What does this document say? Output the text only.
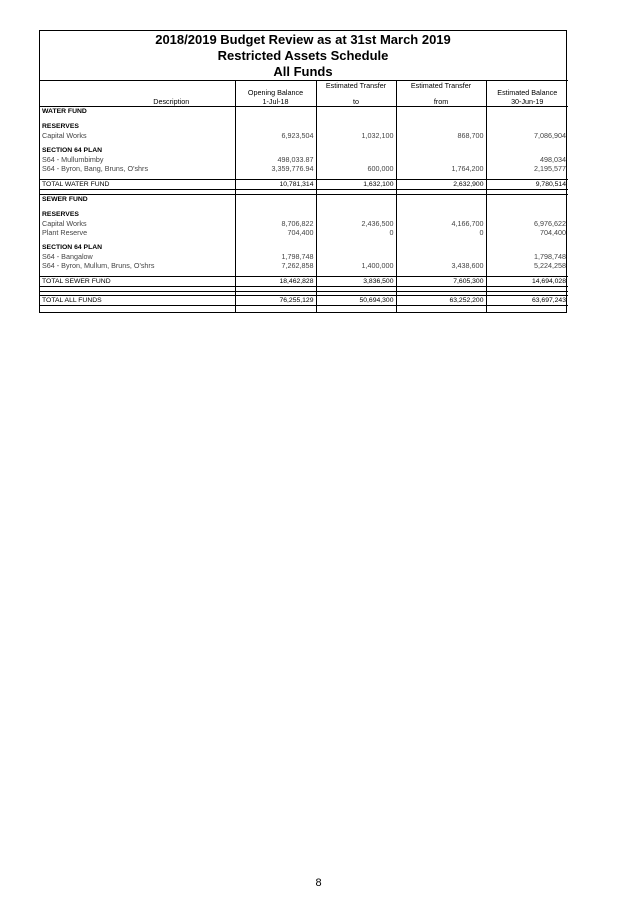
2018/2019 Budget Review as at 31st March 2019
Restricted Assets Schedule
All Funds
	Opening Balance	Estimated Transfer	Estimated Transfer	Estimated Balance
Description	1-Jul-18	to	from	30-Jun-19
WATER FUND				

RESERVES				
Capital Works	6,923,504	1,032,100	868,700	7,086,904

SECTION 64 PLAN				
S64 - Mullumbimby	498,033.87			498,034
S64 - Byron, Bang, Bruns, O'shrs	3,359,776.94	600,000	1,764,200	2,195,577

TOTAL WATER FUND	10,781,314	1,632,100	2,632,900	9,780,514

SEWER FUND				

RESERVES				
Capital Works	8,706,822	2,436,500	4,166,700	6,976,622
Plant Reserve	704,400	0	0	704,400

SECTION 64 PLAN				
S64 - Bangalow	1,798,748			1,798,748
S64 - Byron, Mullum, Bruns, O'shrs	7,262,858	1,400,000	3,438,600	5,224,258

TOTAL SEWER FUND	18,462,828	3,836,500	7,605,300	14,694,028

TOTAL ALL FUNDS	76,255,129	50,694,300	63,252,200	63,697,243

8
